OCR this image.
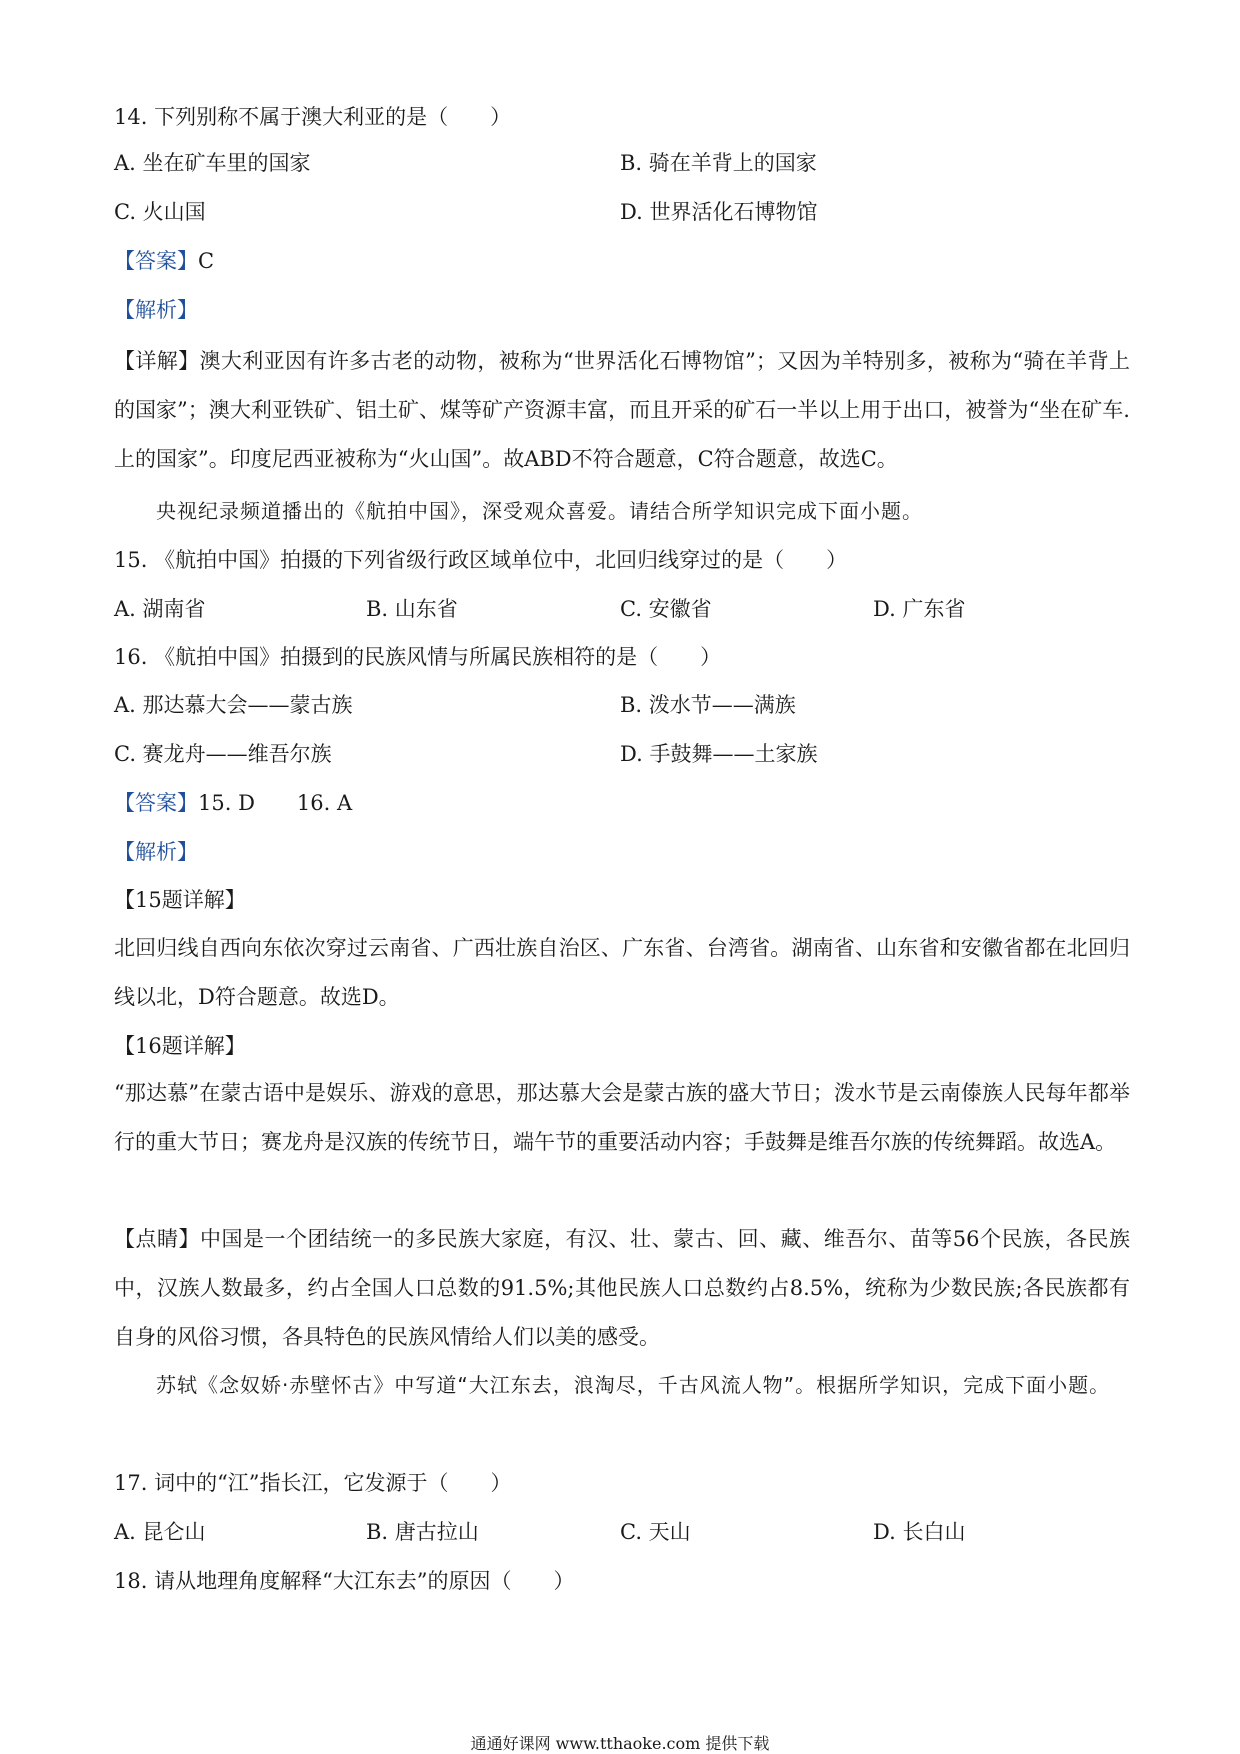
14. 下列别称不属于澳大利亚的是（　　）
A. 坐在矿车里的国家	B. 骑在羊背上的国家
C. 火山国	D. 世界活化石博物馆
【答案】C
【解析】
【详解】澳大利亚因有许多古老的动物，被称为“世界活化石博物馆”；又因为羊特别多，被称为“骑在羊背上的国家”；澳大利亚铁矿、铝土矿、煤等矿产资源丰富，而且开采的矿石一半以上用于出口，被誉为“坐在矿车.上的国家”。印度尼西亚被称为“火山国”。故ABD不符合题意，C符合题意，故选C。
央视纪录频道播出的《航拍中国》，深受观众喜爱。请结合所学知识完成下面小题。
15. 《航拍中国》拍摄的下列省级行政区域单位中，北回归线穿过的是（　　）
A. 湖南省	B. 山东省	C. 安徽省	D. 广东省
16. 《航拍中国》拍摄到的民族风情与所属民族相符的是（　　）
A. 那达慕大会——蒙古族	B. 泼水节——满族
C. 赛龙舟——维吾尔族	D. 手鼓舞——土家族
【答案】15. D 16. A
【解析】
【15题详解】
北回归线自西向东依次穿过云南省、广西壮族自治区、广东省、台湾省。湖南省、山东省和安徽省都在北回归线以北，D符合题意。故选D。
【16题详解】
“那达慕”在蒙古语中是娱乐、游戏的意思，那达慕大会是蒙古族的盛大节日；泼水节是云南傣族人民每年都举行的重大节日；赛龙舟是汉族的传统节日，端午节的重要活动内容；手鼓舞是维吾尔族的传统舞蹈。故选A。
【点睛】中国是一个团结统一的多民族大家庭，有汉、壮、蒙古、回、藏、维吾尔、苗等56个民族，各民族中，汉族人数最多，约占全国人口总数的91.5%;其他民族人口总数约占8.5%，统称为少数民族;各民族都有自身的风俗习惯，各具特色的民族风情给人们以美的感受。
苏轼《念奴娇·赤壁怀古》中写道“大江东去，浪淘尽，千古风流人物”。根据所学知识，完成下面小题。
17. 词中的“江”指长江，它发源于（　　）
A. 昆仑山	B. 唐古拉山	C. 天山	D. 长白山
18. 请从地理角度解释“大江东去”的原因（　　）
通通好课网 www.tthaoke.com 提供下载
